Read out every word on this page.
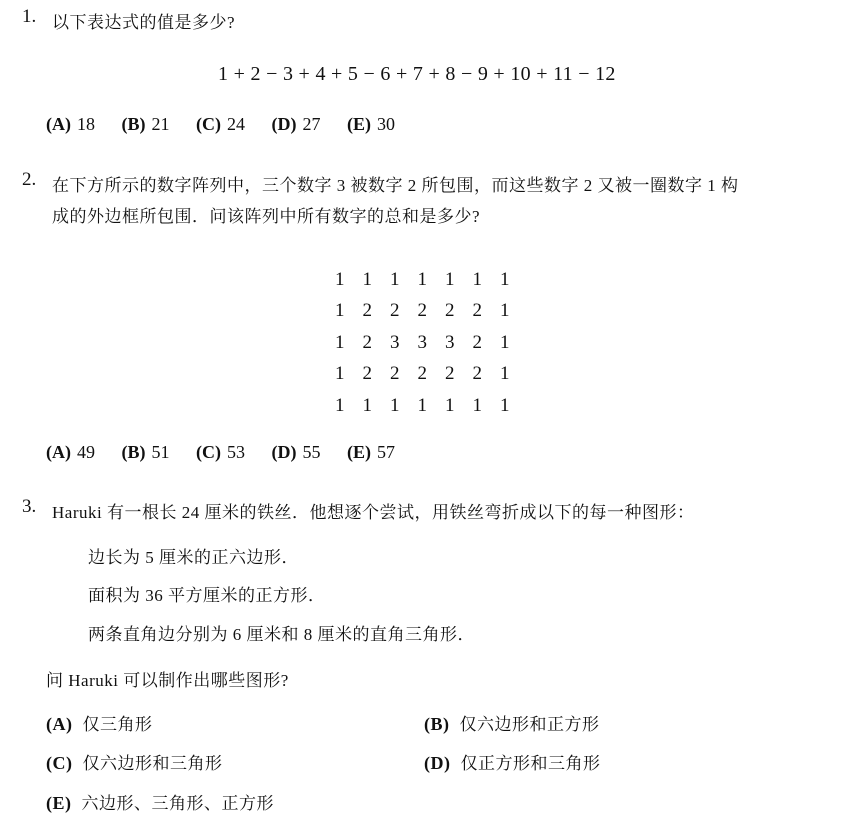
1. 以下表达式的值是多少?
1 + 2 − 3 + 4 + 5 − 6 + 7 + 8 − 9 + 10 + 11 − 12
(A) 18 (B) 21 (C) 24 (D) 27 (E) 30
2. 在下方所示的数字阵列中，三个数字 3 被数字 2 所包围，而这些数字 2 又被一圈数字 1 构
成的外边框所包围．问该阵列中所有数字的总和是多少?
1 1 1 1 1 1 1
1 2 2 2 2 2 1
1 2 3 3 3 2 1
1 2 2 2 2 2 1
1 1 1 1 1 1 1
(A) 49 (B) 51 (C) 53 (D) 55 (E) 57
3. Haruki 有一根长 24 厘米的铁丝．他想逐个尝试，用铁丝弯折成以下的每一种图形：
边长为 5 厘米的正六边形．
面积为 36 平方厘米的正方形．
两条直角边分别为 6 厘米和 8 厘米的直角三角形．
问 Haruki 可以制作出哪些图形?
(A) 仅三角形	(B) 仅六边形和正方形
(C) 仅六边形和三角形	(D) 仅正方形和三角形
(E) 六边形、三角形、正方形
